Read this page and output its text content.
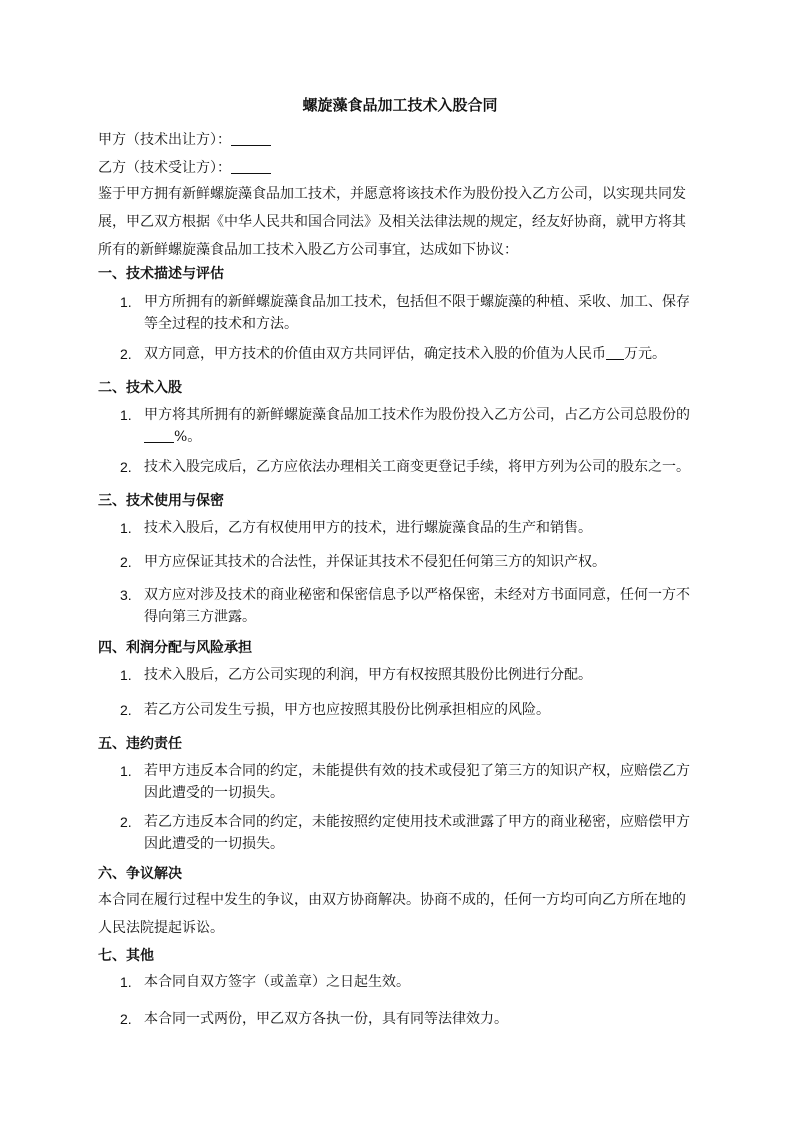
螺旋藻食品加工技术入股合同
甲方（技术出让方）：
乙方（技术受让方）：

鉴于甲方拥有新鲜螺旋藻食品加工技术，并愿意将该技术作为股份投入乙方公司，以实现共同发展，甲乙双方根据《中华人民共和国合同法》及相关法律法规的规定，经友好协商，就甲方将其所有的新鲜螺旋藻食品加工技术入股乙方公司事宜，达成如下协议：

一、技术描述与评估
1. 甲方所拥有的新鲜螺旋藻食品加工技术，包括但不限于螺旋藻的种植、采收、加工、保存等全过程的技术和方法。
2. 双方同意，甲方技术的价值由双方共同评估，确定技术入股的价值为人民币 万元。
二、技术入股
1. 甲方将其所拥有的新鲜螺旋藻食品加工技术作为股份投入乙方公司，占乙方公司总股份的%。
2. 技术入股完成后，乙方应依法办理相关工商变更登记手续，将甲方列为公司的股东之一。
三、技术使用与保密
1. 技术入股后，乙方有权使用甲方的技术，进行螺旋藻食品的生产和销售。
2. 甲方应保证其技术的合法性，并保证其技术不侵犯任何第三方的知识产权。
3. 双方应对涉及技术的商业秘密和保密信息予以严格保密，未经对方书面同意，任何一方不得向第三方泄露。
四、利润分配与风险承担
1. 技术入股后，乙方公司实现的利润，甲方有权按照其股份比例进行分配。
2. 若乙方公司发生亏损，甲方也应按照其股份比例承担相应的风险。
五、违约责任
1. 若甲方违反本合同的约定，未能提供有效的技术或侵犯了第三方的知识产权，应赔偿乙方因此遭受的一切损失。
2. 若乙方违反本合同的约定，未能按照约定使用技术或泄露了甲方的商业秘密，应赔偿甲方因此遭受的一切损失。
六、争议解决

本合同在履行过程中发生的争议，由双方协商解决。协商不成的，任何一方均可向乙方所在地的人民法院提起诉讼。

七、其他
1. 本合同自双方签字（或盖章）之日起生效。
2. 本合同一式两份，甲乙双方各执一份，具有同等法律效力。
